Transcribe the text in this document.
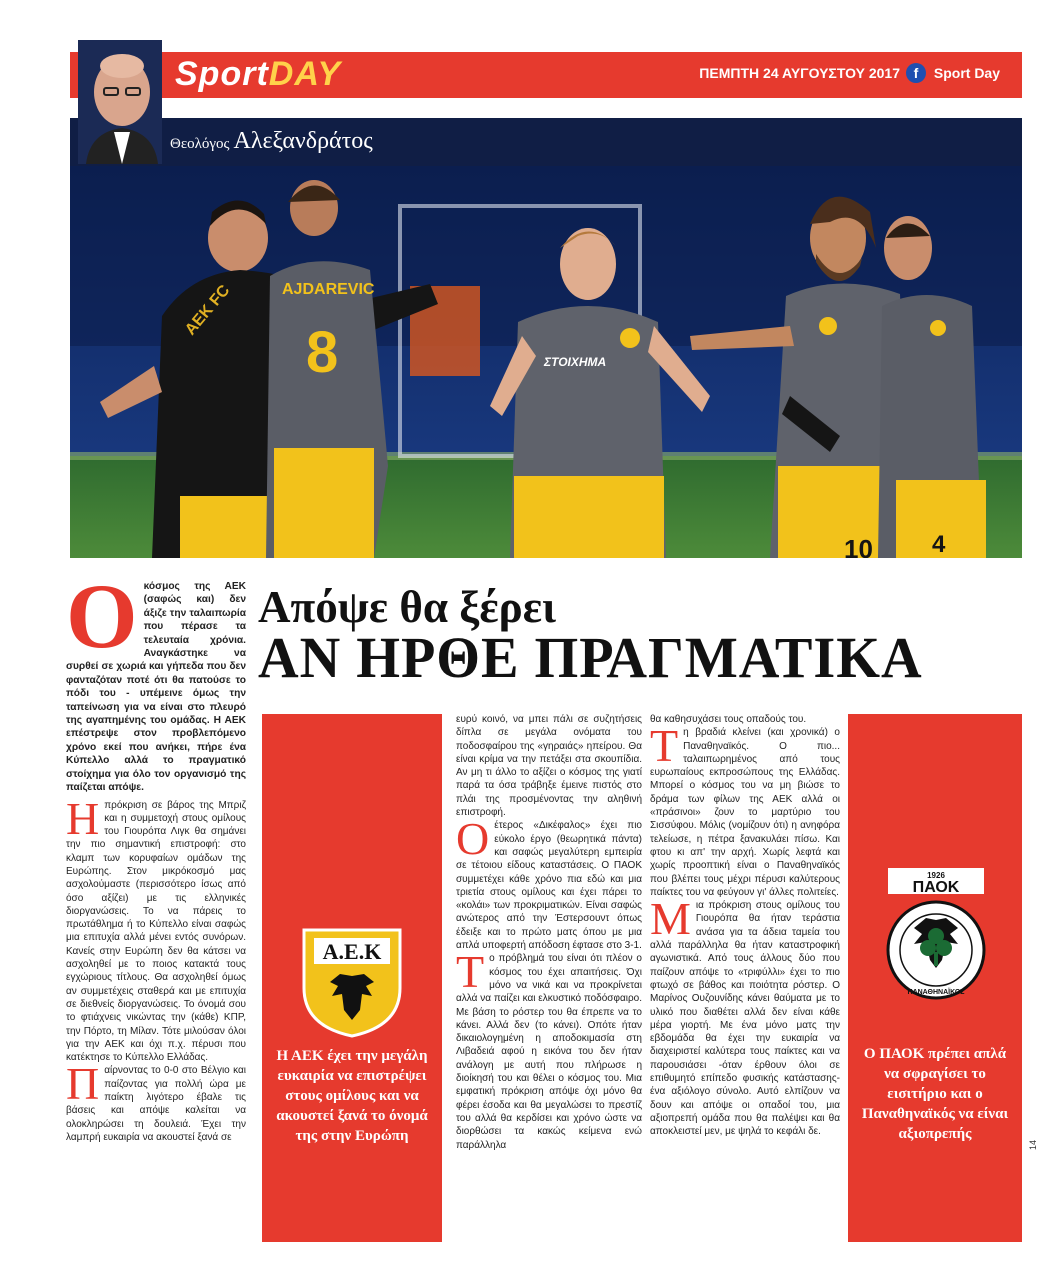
SportDAY	ΠΕΜΠΤΗ 24 ΑΥΓΟΥΣΤΟΥ 2017 f	Sport Day
Θεολόγος Αλεξανδράτος
AEK FC	AJDAREVIC
8	ΣΤΟΙΧΗΜΑ
10 4
Απόψε θα ξέρει
ΑΝ ΗΡΘΕ ΠΡΑΓΜΑΤΙΚΑ

Οκόσμος της ΑΕΚ (σαφώς και) δεν άξιζε την ταλαιπωρία που πέρασε τα τελευταία χρόνια. Αναγκάστηκε να συρθεί σε χωριά και γήπεδα που δεν φανταζόταν ποτέ ότι θα πατούσε το πόδι του - υπέμεινε όμως την ταπείνωση για να είναι στο πλευρό της αγαπημένης του ομάδας. Η ΑΕΚ επέστρεψε στον προβλεπόμενο χρόνο εκεί που ανήκει, πήρε ένα Κύπελλο αλλά το πραγματικό στοίχημα για όλο τον οργανισμό της παίζεται απόψε.

Ηπρόκριση σε βάρος της Μπριζ και η συμμετοχή στους ομίλους του Γιουρόπα Λιγκ θα σημάνει την πιο σημαντική επιστροφή: στο κλαμπ των κορυφαίων ομάδων της Ευρώπης. Στον μικρόκοσμό μας ασχολούμαστε (περισσότερο ίσως από όσο αξίζει) με τις ελληνικές διοργανώσεις. Το να πάρεις το πρωτάθλημα ή το Κύπελλο είναι σαφώς μια επιτυχία αλλά μένει εντός συνόρων. Κανείς στην Ευρώπη δεν θα κάτσει να ασχοληθεί με το ποιος κατακτά τους εγχώριους τίτλους. Θα ασχοληθεί όμως αν συμμετέχεις σταθερά και με επιτυχία σε διεθνείς διοργανώσεις. Το όνομά σου το φτιάχνεις νικώντας την (κάθε) ΚΠΡ, την Πόρτο, τη Μίλαν. Τότε μιλούσαν όλοι για την ΑΕΚ και όχι π.χ. πέρυσι που κατέκτησε το Κύπελλο Ελλάδας.

Παίρνοντας το 0-0 στο Βέλγιο και παίζοντας για πολλή ώρα με παίκτη λιγότερο έβαλε τις βάσεις και απόψε καλείται να ολοκληρώσει τη δουλειά. Έχει την λαμπρή ευκαιρία να ακουστεί ξανά σε

Α.Ε.Κ
Η ΑΕΚ έχει την μεγάλη ευκαιρία να επιστρέψει στους ομίλους και να ακουστεί ξανά το όνομά της στην Ευρώπη

ευρύ κοινό, να μπει πάλι σε συζητήσεις δίπλα σε μεγάλα ονόματα του ποδοσφαίρου της «γηραιάς» ηπείρου. Θα είναι κρίμα να την πετάξει στα σκουπίδια. Αν μη τι άλλο το αξίζει ο κόσμος της γιατί παρά τα όσα τράβηξε έμεινε πιστός στο πλάι της προσμένοντας την αληθινή επιστροφή.

Οέτερος «Δικέφαλος» έχει πιο εύκολο έργο (θεωρητικά πάντα) και σαφώς μεγαλύτερη εμπειρία σε τέτοιου είδους καταστάσεις. Ο ΠΑΟΚ συμμετέχει κάθε χρόνο πια εδώ και μια τριετία στους ομίλους και έχει πάρει το «κολάι» των προκριματικών. Είναι σαφώς ανώτερος από την Έστερσουντ όπως έδειξε και το πρώτο ματς όπου με μια απλά υποφερτή απόδοση έφτασε στο 3-1.

Το πρόβλημά του είναι ότι πλέον ο κόσμος του έχει απαιτήσεις. Όχι μόνο να νικά και να προκρίνεται αλλά να παίζει και ελκυστικό ποδόσφαιρο. Με βάση το ρόστερ του θα έπρεπε να το κάνει. Αλλά δεν (το κάνει). Οπότε ήταν δικαιολογημένη η αποδοκιμασία στη Λιβαδειά αφού η εικόνα του δεν ήταν ανάλογη με αυτή που πλήρωσε η διοίκησή του και θέλει ο κόσμος του. Μια εμφατική πρόκριση απόψε όχι μόνο θα φέρει έσοδα και θα μεγαλώσει το πρεστίζ του αλλά θα κερδίσει και χρόνο ώστε να διορθώσει τα κακώς κείμενα ενώ παράλληλα

θα καθησυχάσει τους οπαδούς του.

Τη βραδιά κλείνει (και χρονικά) ο Παναθηναϊκός. Ο πιο... ταλαιπωρημένος από τους ευρωπαίους εκπροσώπους της Ελλάδας. Μπορεί ο κόσμος του να μη βιώσε το δράμα των φίλων της ΑΕΚ αλλά οι «πράσινοι» ζουν το μαρτύριο του Σισσύφου. Μόλις (νομίζουν ότι) η ανηφόρα τελείωσε, η πέτρα ξανακυλάει πίσω. Και φτου κι απ' την αρχή. Χωρίς λεφτά και χωρίς προοπτική είναι ο Παναθηναϊκός που βλέπει τους μέχρι πέρυσι καλύτερους παίκτες του να φεύγουν γι' άλλες πολιτείες.

Μια πρόκριση στους ομίλους του Γιουρόπα θα ήταν τεράστια ανάσα για τα άδεια ταμεία του αλλά παράλληλα θα ήταν καταστροφική αγωνιστικά. Από τους άλλους δύο που παίζουν απόψε το «τριφύλλι» έχει το πιο φτωχό σε βάθος και ποιότητα ρόστερ. Ο Μαρίνος Ουζουνίδης κάνει θαύματα με το υλικό που διαθέτει αλλά δεν είναι κάθε μέρα γιορτή. Με ένα μόνο ματς την εβδομάδα θα έχει την ευκαιρία να διαχειριστεί καλύτερα τους παίκτες και να παρουσιάσει -όταν έρθουν όλοι σε επιθυμητό επίπεδο φυσικής κατάστασης- ένα αξιόλογο σύνολο. Αυτό ελπίζουν να δουν και απόψε οι οπαδοί του, μια αξιοπρεπή ομάδα που θα παλέψει και θα αποκλειστεί μεν, με ψηλά το κεφάλι δε.

1926
ΠΑΟΚ
ΠΑΝΑΘΗΝΑΪΚΟΣ
Ο ΠΑΟΚ πρέπει απλά να σφραγίσει το εισιτήριο και ο Παναθηναϊκός να είναι αξιοπρεπής
14
